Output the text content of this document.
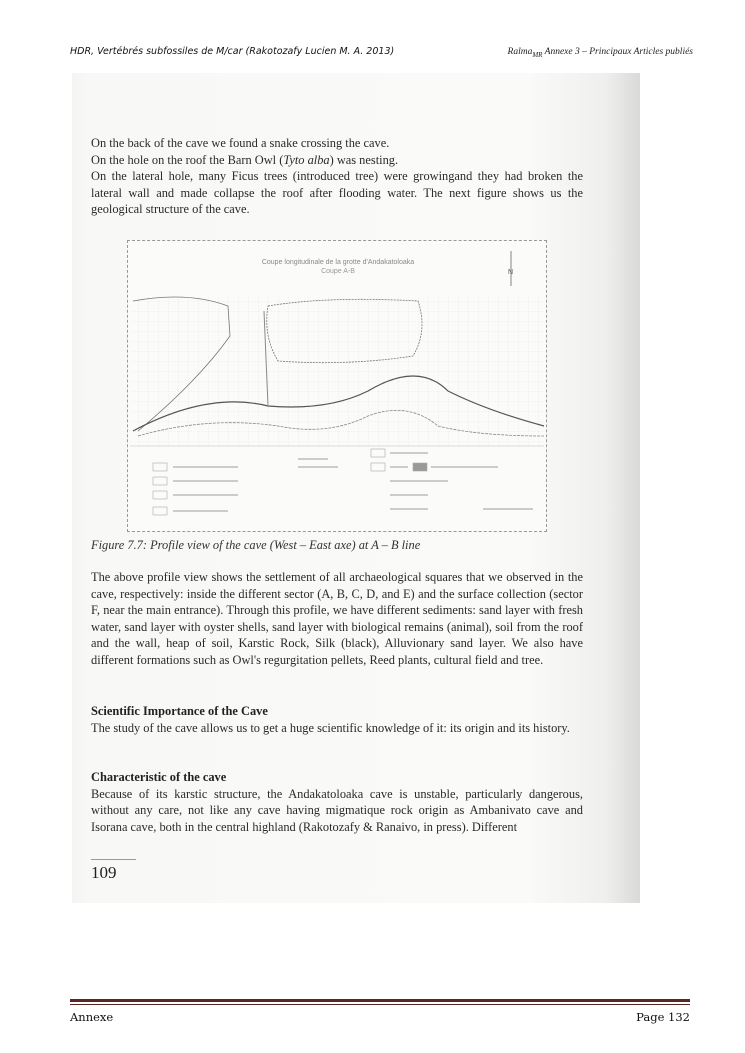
HDR, Vertébrés subfossiles de M/car (Rakotozafy Lucien M. A. 2013)	Ralma$_{MR}$ Annexe 3 – Principaux Articles publiés
On the back of the cave we found a snake crossing the cave.
On the hole on the roof the Barn Owl (Tyto alba) was nesting.
On the lateral hole, many Ficus trees (introduced tree) were growingand they had broken the lateral wall and made collapse the roof after flooding water. The next figure shows us the geological structure of the cave.
Coupe longitudinale de la grotte d'Andakatoloaka
Coupe A-B	N
Figure 7.7: Profile view of the cave (West – East axe) at A – B line
The above profile view shows the settlement of all archaeological squares that we observed in the cave, respectively: inside the different sector (A, B, C, D, and E) and the surface collection (sector F, near the main entrance). Through this profile, we have different sediments: sand layer with fresh water, sand layer with oyster shells, sand layer with biological remains (animal), soil from the roof and the wall, heap of soil, Karstic Rock, Silk (black), Alluvionary sand layer. We also have different formations such as Owl's regurgitation pellets, Reed plants, cultural field and tree.
Scientific Importance of the Cave
The study of the cave allows us to get a huge scientific knowledge of it: its origin and its history.
Characteristic of the cave
Because of its karstic structure, the Andakatoloaka cave is unstable, particularly dangerous, without any care, not like any cave having migmatique rock origin as Ambanivato cave and Isorana cave, both in the central highland (Rakotozafy & Ranaivo, in press). Different
109
Annexe	Page 132
